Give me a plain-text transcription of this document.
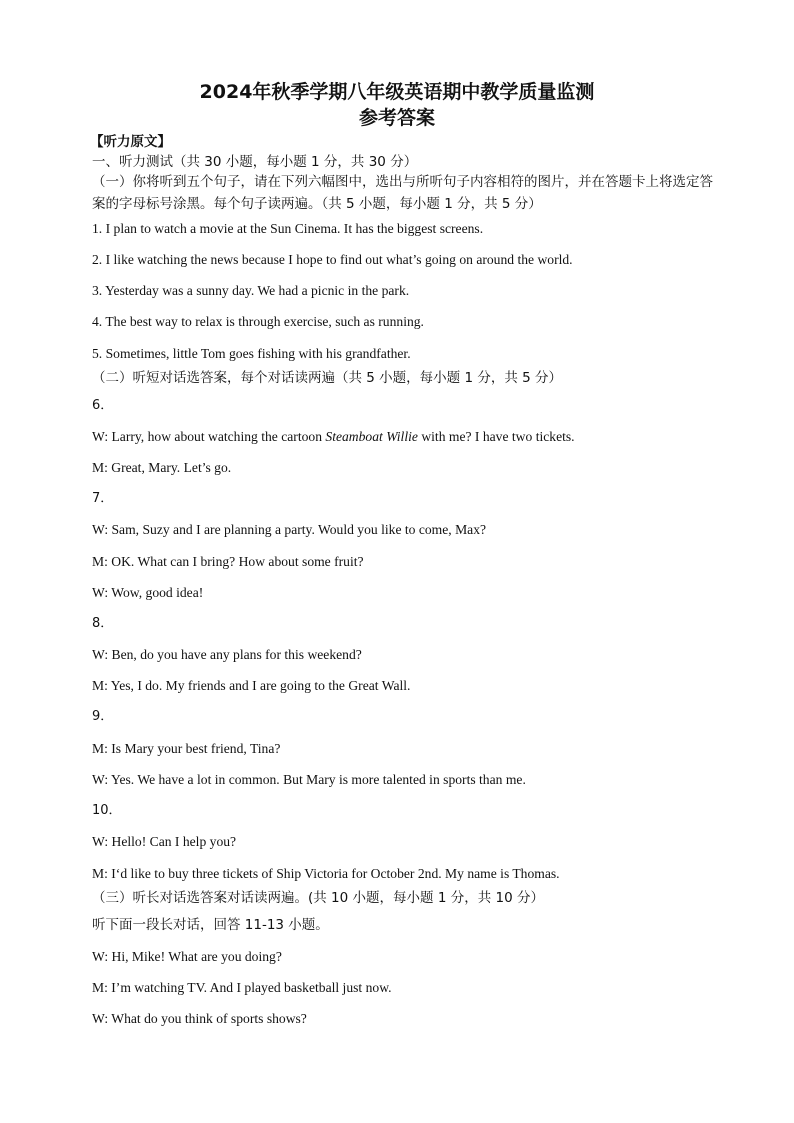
2024年秋季学期八年级英语期中教学质量监测
参考答案
【听力原文】
一、听力测试（共 30 小题，每小题 1 分，共 30 分）
（一）你将听到五个句子，请在下列六幅图中，选出与所听句子内容相符的图片，并在答题卡上将选定答案的字母标号涂黑。每个句子读两遍。（共 5 小题，每小题 1 分，共 5 分）
1. I plan to watch a movie at the Sun Cinema. It has the biggest screens.
2. I like watching the news because I hope to find out what’s going on around the world.
3. Yesterday was a sunny day. We had a picnic in the park.
4. The best way to relax is through exercise, such as running.
5. Sometimes, little Tom goes fishing with his grandfather.
（二）听短对话选答案，每个对话读两遍（共 5 小题，每小题 1 分，共 5 分）
6．
W: Larry, how about watching the cartoon Steamboat Willie with me? I have two tickets.
M: Great, Mary. Let’s go.
7．
W: Sam, Suzy and I are planning a party. Would you like to come, Max?
M: OK. What can I bring? How about some fruit?
W: Wow, good idea!
8．
W: Ben, do you have any plans for this weekend?
M: Yes, I do. My friends and I are going to the Great Wall.
9．
M: Is Mary your best friend, Tina?
W: Yes. We have a lot in common. But Mary is more talented in sports than me.
10．
W: Hello! Can I help you?
M: I‘d like to buy three tickets of Ship Victoria for October 2nd. My name is Thomas.
（三）听长对话选答案对话读两遍。(共 10 小题，每小题 1 分，共 10 分）
听下面一段长对话，回答 11-13 小题。
W: Hi, Mike! What are you doing?
M: I’m watching TV. And I played basketball just now.
W: What do you think of sports shows?
